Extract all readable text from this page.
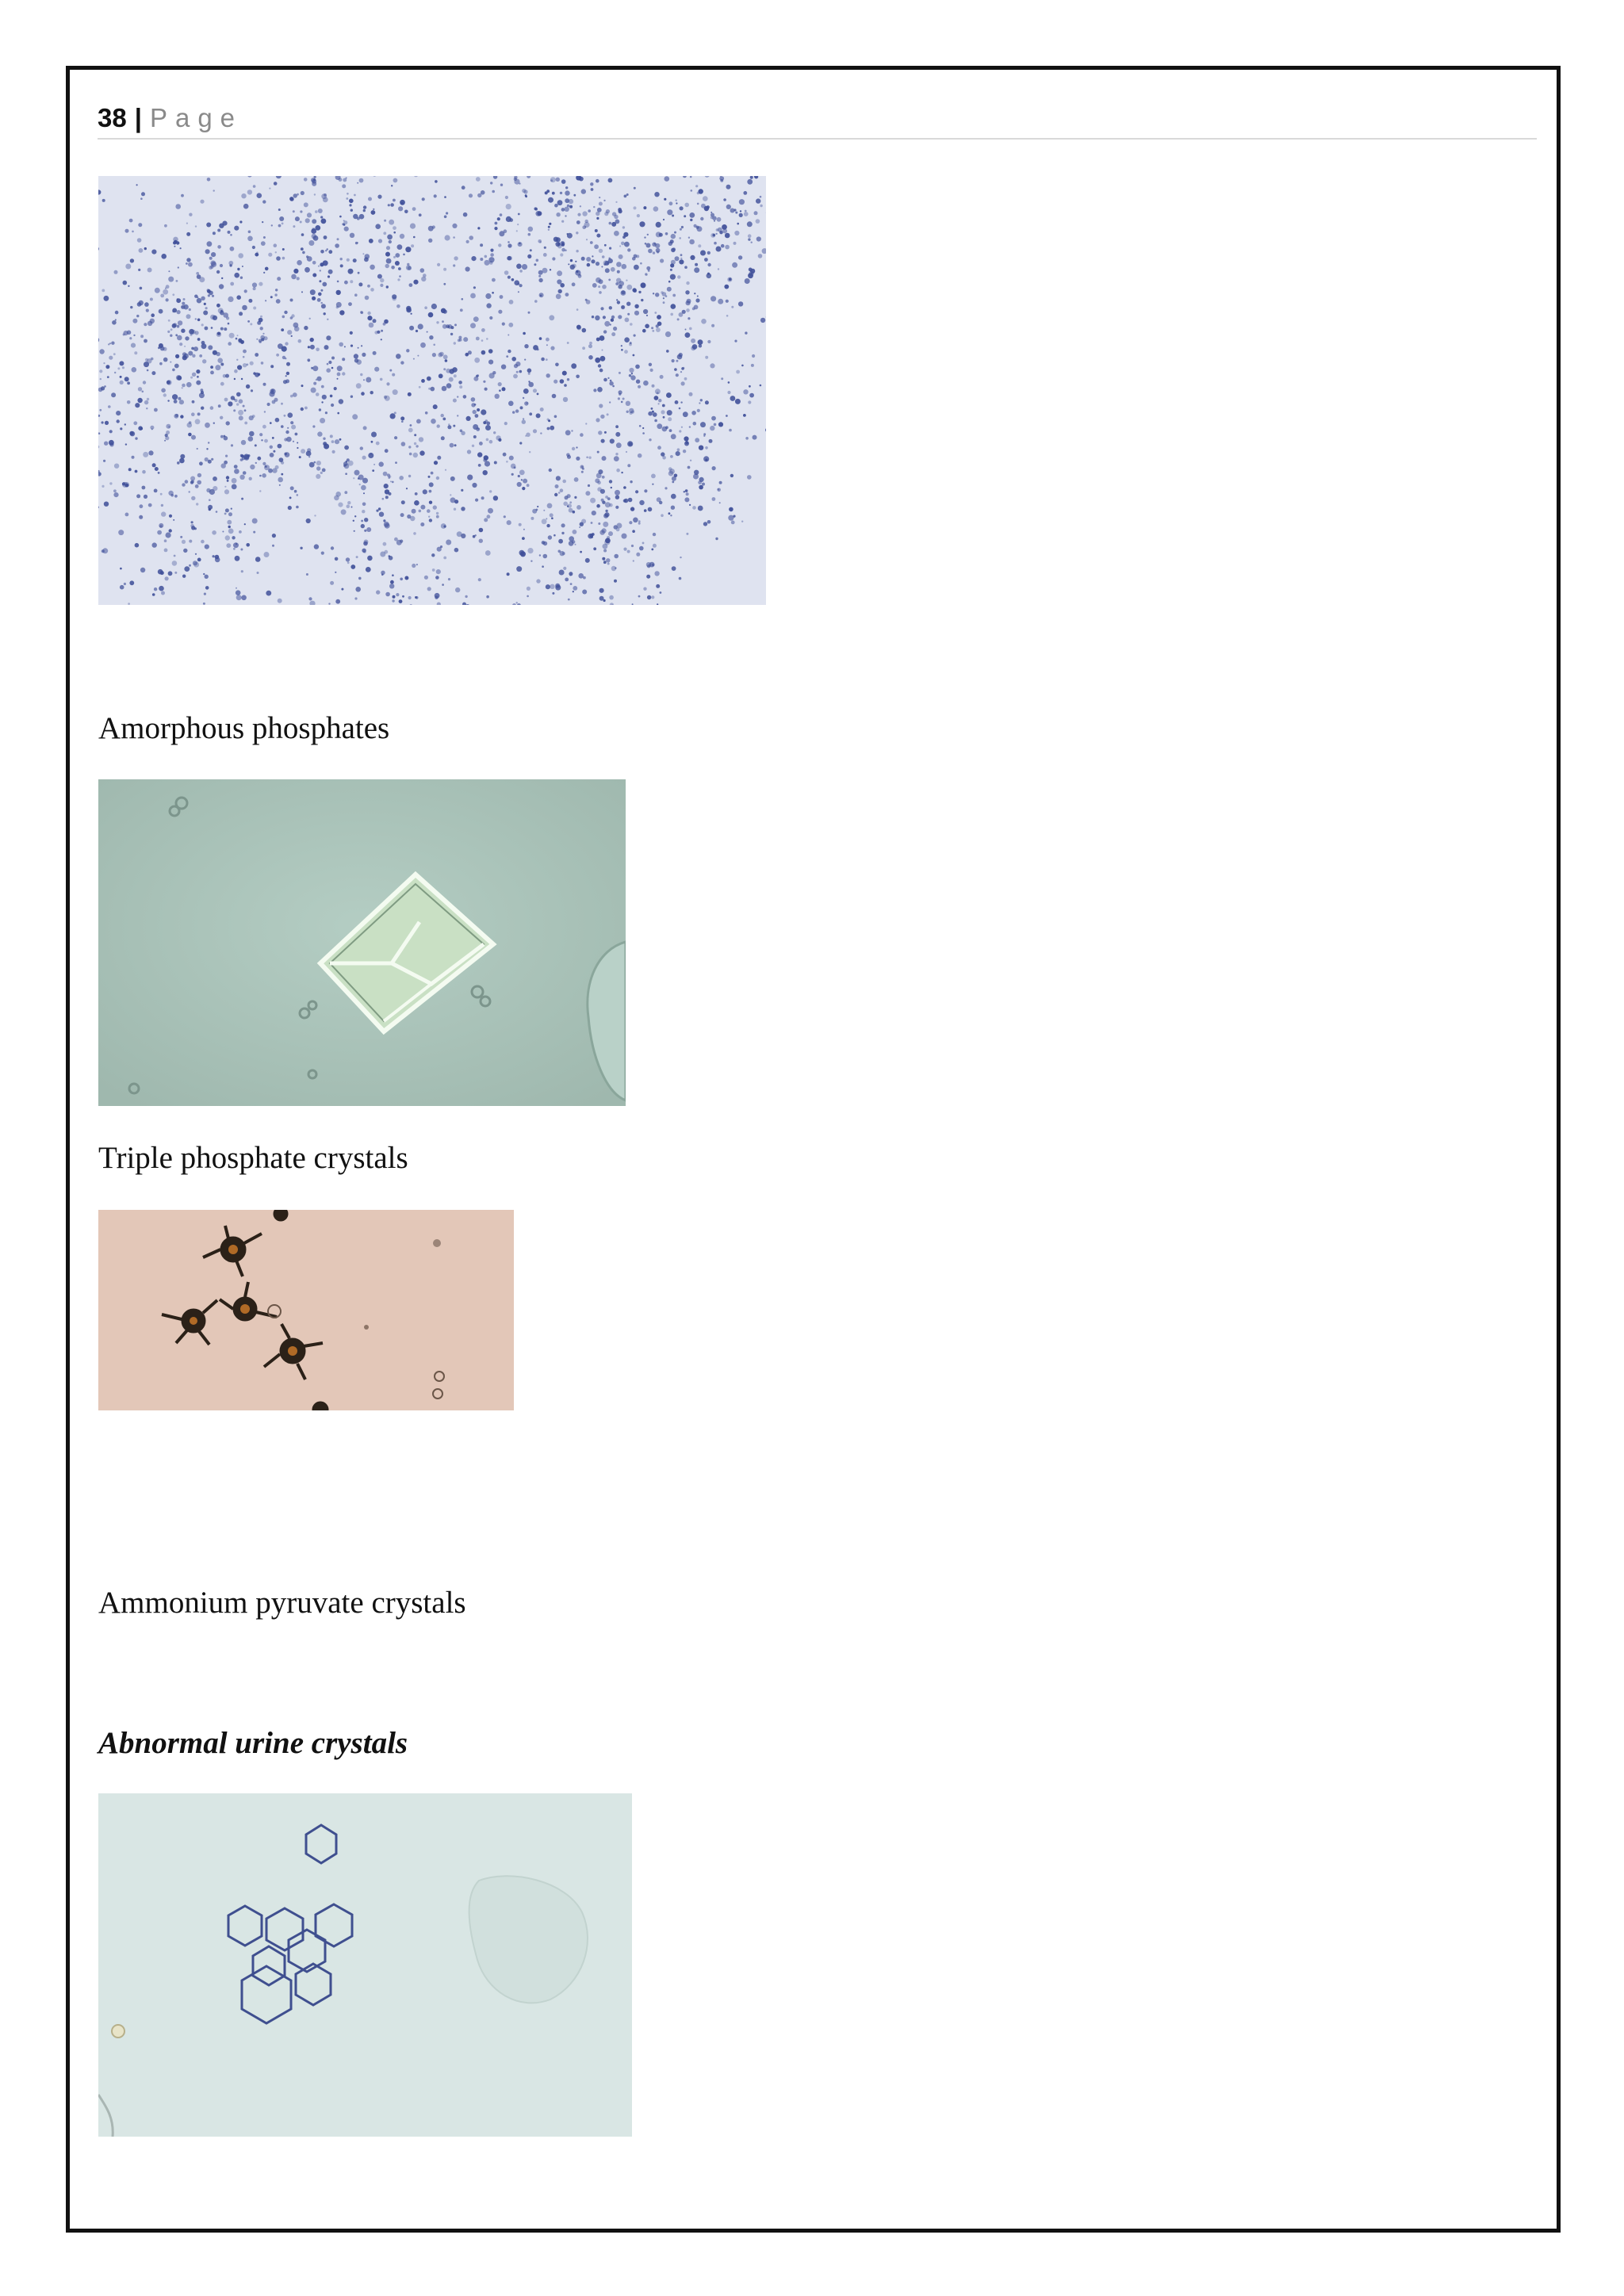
38 | Page
Amorphous phosphates
Triple phosphate crystals
Ammonium pyruvate crystals
Abnormal urine crystals
